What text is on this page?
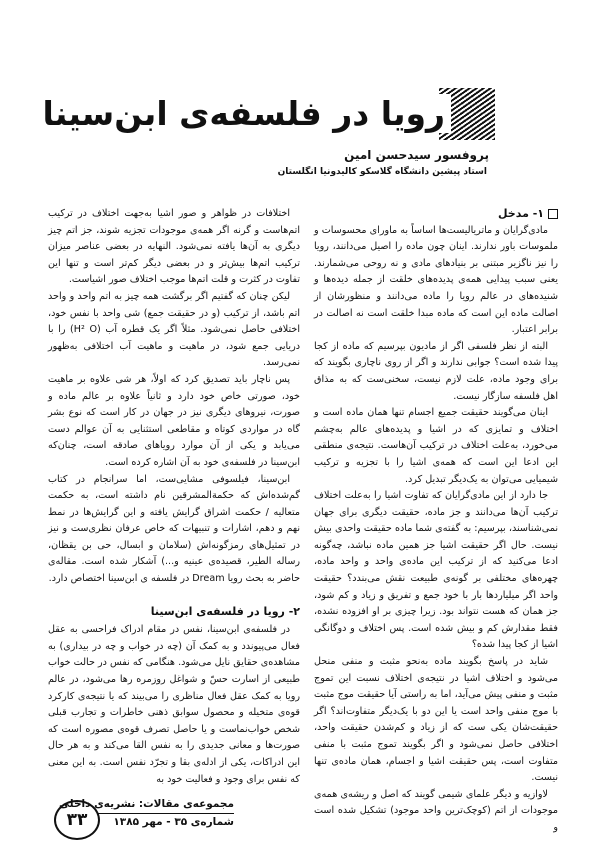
رویا در فلسفه‌ی ابن‌سینا
پروفسور سیدحسن امین
استاد پیشین دانشگاه گلاسکو کالیدونیا انگلستان
۱- مدخل

مادی‌گرایان و ماتریالیست‌ها اساساً به ماورای محسوسات و ملموسات باور ندارند. اینان چون ماده را اصیل می‌دانند، رویا را نیز ناگزیر مبتنی بر بنیادهای مادی و نه روحی می‌شمارند. یعنی سبب پیدایی همه‌ی پدیده‌های خلقت از جمله دیده‌ها و شنیده‌های در عالم رویا را ماده می‌دانند و منظورشان از اصالت ماده این است که ماده مبدا خلقت است نه اصالت در برابر اعتبار.

البته از نظر فلسفی اگر از مادیون بپرسیم که ماده از کجا پیدا شده است؟ جوابی ندارند و اگر از روی ناچاری بگویند که برای وجود ماده، علت لازم نیست، سخنی‌ست که به مذاق اهل فلسفه سازگار نیست.

اینان می‌گویند حقیقت جمیع اجسام تنها همان ماده است و اختلاف و تمایزی که در اشیا و پدیده‌های عالم به‌چشم می‌خورد، به‌علت اختلاف در ترکیب آن‌هاست. نتیجه‌ی منطقی این ادعا این است که همه‌ی اشیا را با تجزیه و ترکیب شیمیایی می‌توان به یک‌دیگر تبدیل کرد.

جا دارد از این مادی‌گرایان که تفاوت اشیا را به‌علت اختلاف ترکیب آن‌ها می‌دانند و جز ماده، حقیقت دیگری برای جهان نمی‌شناسند، بپرسیم: به گفته‌ی شما ماده حقیقت واحدی بیش نیست. حال اگر حقیقت اشیا جز همین ماده نباشد، چه‌گونه ادعا می‌کنید که از ترکیب این ماده‌ی واحد و واحد ماده، چهره‌های مختلفی بر گونه‌ی طبیعت نقش می‌بندد؟ حقیقت واحد اگر میلیاردها بار با خود جمع و تفریق و زیاد و کم شود، جز همان که هست نتواند بود. زیرا چیزی بر او افزوده نشده، فقط مقدارش کم و بیش شده است. پس اختلاف و دوگانگی اشیا از کجا پیدا شده؟

شاید در پاسخ بگویند ماده به‌نحو مثبت و منفی منحل می‌شود و اختلاف اشیا در نتیجه‌ی اختلاف نسبت این تموج مثبت و منفی پیش می‌آید، اما به راستی آیا حقیقت موج مثبت با موج منفی واحد است یا این دو با یک‌دیگر متفاوت‌اند؟ اگر حقیقت‌شان یکی ست که از زیاد و کم‌شدن حقیقت واحد، اختلافی حاصل نمی‌شود و اگر بگویند تموج مثبت با منفی متفاوت است، پس حقیقت اشیا و اجسام، همان ماده‌ی تنها نیست.

لاوازیه و دیگر علمای شیمی گویند که اصل و ریشه‌ی همه‌ی موجودات از اتم (کوچک‌ترین واحد موجود) تشکیل شده است و

اختلافات در ظواهر و صور اشیا به‌جهت اختلاف در ترکیب اتم‌هاست و گرنه اگر همه‌ی موجودات تجزیه شوند، جز اتم چیز دیگری به آن‌ها یافته نمی‌شود. النهایه در بعضی عناصر میزان ترکیب اتم‌ها بیش‌تر و در بعضی دیگر کم‌تر است و تنها این تفاوت در کثرت و قلت اتم‌ها موجب اختلاف صور اشیاست.

لیکن چنان که گفتیم اگر برگشت همه چیز به اتم واحد و واحد اتم باشد، از ترکیب (و در حقیقت جمع) شی واحد با نفس خود، اختلافی حاصل نمی‌شود. مثلاً اگر یک قطره آب (H² O) را با دریایی جمع شود، در ماهیت و ماهیت آب اختلافی به‌ظهور نمی‌رسد.

پس ناچار باید تصدیق کرد که اولاً، هر شی علاوه بر ماهیت خود، صورتی خاص خود دارد و ثانیاً علاوه بر عالم ماده و صورت، نیروهای دیگری نیز در جهان در کار است که نوع بشر گاه در مواردی کوتاه و مقاطعی استثنایی به آن عوالم دست می‌یابد و یکی از آن موارد رویاهای صادقه است، چنان‌که ابن‌سینا در فلسفه‌ی خود به آن اشاره کرده است.

ابن‌سینا، فیلسوفی مشایی‌ست، اما سرانجام در کتاب گم‌شده‌اش که حکمة‌المشرقین نام داشته است، به حکمت متعالیه / حکمت اشراق گرایش یافته و این گرایش‌ها در نمط نهم و دهم، اشارات و تنبیهات که خاص عرفان نظری‌ست و نیز در تمثیل‌های رمزگونه‌اش (سلامان و ابسال، حی بن یقظان، رساله الطیر، قصیده‌ی عینیه و...) آشکار شده است. مقاله‌ی حاضر به بحث رویا Dream در فلسفه ی ابن‌سینا اختصاص دارد.

۲- رویا در فلسفه‌ی ابن‌سینا

در فلسفه‌ی ابن‌سینا، نفس در مقام ادراک فراحسی به عقل فعال می‌پیوندد و به کمک آن (چه در خواب و چه در بیداری) به مشاهده‌ی حقایق نایل می‌شود. هنگامی که نفس در حالت خواب طبیعی از اسارت حسّ و شواغل روزمره رها می‌شود، در عالم رویا به کمک عقل فعال مناظری را می‌بیند که یا نتیجه‌ی کارکرد قوه‌ی متخیله و محصول سوابق ذهنی خاطرات و تجارب قبلی شخص خواب‌نماست و یا حاصل تصرف قوه‌ی مصوره است که صورت‌ها و معانی جدیدی را به نفس القا می‌کند و به هر حال این ادراکات، یکی از ادله‌ی بقا و تجرّد نفس است. به این معنی که نفس برای وجود و فعالیت خود به

۳۳
مجموعه‌ی مقالات: نشریه‌ی داخلی
شماره‌ی ۳۵ - مهر ۱۳۸۵
